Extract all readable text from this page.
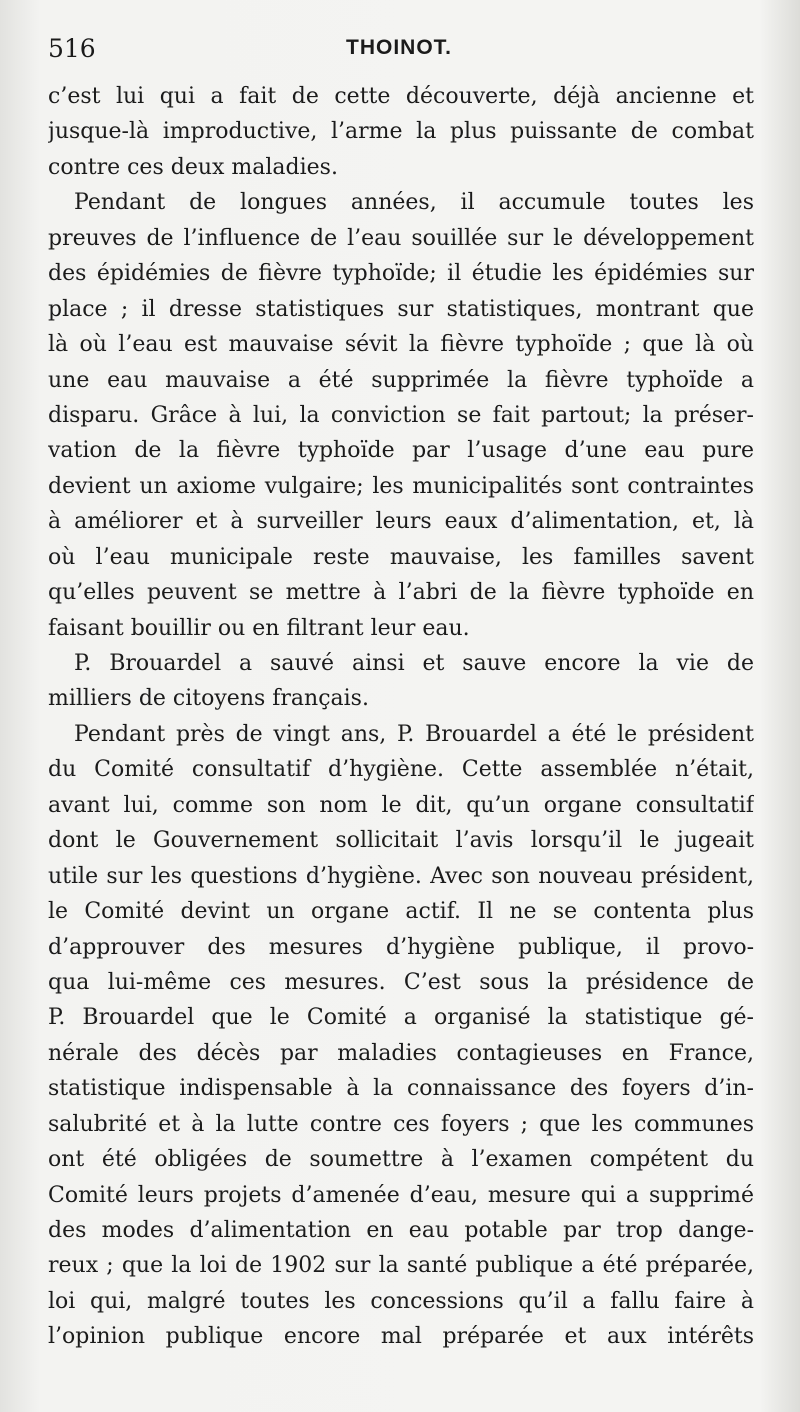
516	THOINOT.
c’est lui qui a fait de cette découverte, déjà ancienne et
jusque-là improductive, l’arme la plus puissante de combat
contre ces deux maladies.
Pendant de longues années, il accumule toutes les
preuves de l’influence de l’eau souillée sur le développement
des épidémies de fièvre typhoïde; il étudie les épidémies sur
place ; il dresse statistiques sur statistiques, montrant que
là où l’eau est mauvaise sévit la fièvre typhoïde ; que là où
une eau mauvaise a été supprimée la fièvre typhoïde a
disparu. Grâce à lui, la conviction se fait partout; la préser-
vation de la fièvre typhoïde par l’usage d’une eau pure
devient un axiome vulgaire; les municipalités sont contraintes
à améliorer et à surveiller leurs eaux d’alimentation, et, là
où l’eau municipale reste mauvaise, les familles savent
qu’elles peuvent se mettre à l’abri de la fièvre typhoïde en
faisant bouillir ou en filtrant leur eau.
P. Brouardel a sauvé ainsi et sauve encore la vie de
milliers de citoyens français.
Pendant près de vingt ans, P. Brouardel a été le président
du Comité consultatif d’hygiène. Cette assemblée n’était,
avant lui, comme son nom le dit, qu’un organe consultatif
dont le Gouvernement sollicitait l’avis lorsqu’il le jugeait
utile sur les questions d’hygiène. Avec son nouveau président,
le Comité devint un organe actif. Il ne se contenta plus
d’approuver des mesures d’hygiène publique, il provo-
qua lui-même ces mesures. C’est sous la présidence de
P. Brouardel que le Comité a organisé la statistique gé-
nérale des décès par maladies contagieuses en France,
statistique indispensable à la connaissance des foyers d’in-
salubrité et à la lutte contre ces foyers ; que les communes
ont été obligées de soumettre à l’examen compétent du
Comité leurs projets d’amenée d’eau, mesure qui a supprimé
des modes d’alimentation en eau potable par trop dange-
reux ; que la loi de 1902 sur la santé publique a été préparée,
loi qui, malgré toutes les concessions qu’il a fallu faire à
l’opinion publique encore mal préparée et aux intérêts
